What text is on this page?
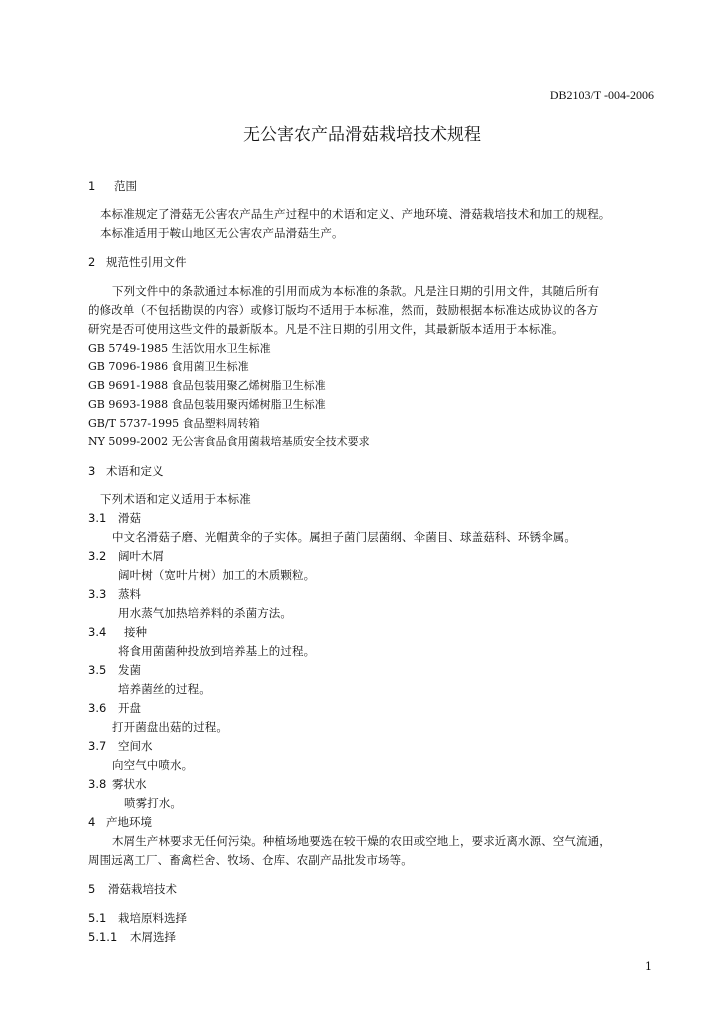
DB2103/T -004-2006
无公害农产品滑菇栽培技术规程
1 范围
本标准规定了滑菇无公害农产品生产过程中的术语和定义、产地环境、滑菇栽培技术和加工的规程。
本标准适用于鞍山地区无公害农产品滑菇生产。
2 规范性引用文件
下列文件中的条款通过本标准的引用而成为本标准的条款。凡是注日期的引用文件，其随后所有
的修改单（不包括勘误的内容）或修订版均不适用于本标准，然而，鼓励根据本标准达成协议的各方
研究是否可使用这些文件的最新版本。凡是不注日期的引用文件，其最新版本适用于本标准。
GB 5749-1985 生活饮用水卫生标准
GB 7096-1986 食用菌卫生标准
GB 9691-1988 食品包装用聚乙烯树脂卫生标准
GB 9693-1988 食品包装用聚丙烯树脂卫生标准
GB/T 5737-1995 食品塑料周转箱
NY 5099-2002 无公害食品食用菌栽培基质安全技术要求
3 术语和定义
下列术语和定义适用于本标准
3.1 滑菇
中文名滑菇子磨、光帽黄伞的子实体。属担子菌门层菌纲、伞菌目、球盖菇科、环锈伞属。
3.2 阔叶木屑
阔叶树（宽叶片树）加工的木质颗粒。
3.3 蒸料
用水蒸气加热培养料的杀菌方法。
3.4 接种
将食用菌菌种投放到培养基上的过程。
3.5 发菌
培养菌丝的过程。
3.6 开盘
打开菌盘出菇的过程。
3.7 空间水
向空气中喷水。
3.8 雾状水
喷雾打水。
4 产地环境
木屑生产林要求无任何污染。种植场地要选在较干燥的农田或空地上，要求近离水源、空气流通，
周围远离工厂、畜禽栏舍、牧场、仓库、农副产品批发市场等。
5 滑菇栽培技术
5.1 栽培原料选择
5.1.1 木屑选择
1
